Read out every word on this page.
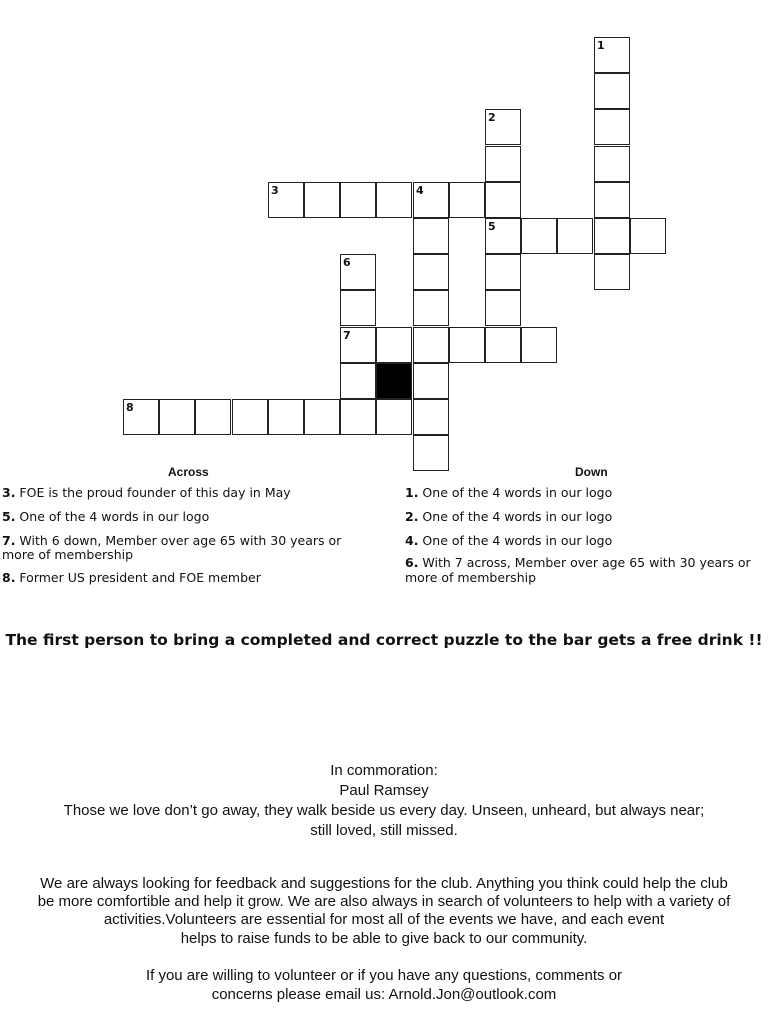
1
2
5
3	4
6
7
8
Across	Down
3. FOE is the proud founder of this day in May
5. One of the 4 words in our logo
7. With 6 down, Member over age 65 with 30 years or
more of membership
8. Former US president and FOE member
1. One of the 4 words in our logo
2. One of the 4 words in our logo
4. One of the 4 words in our logo
6. With 7 across, Member over age 65 with 30 years or
more of membership
The first person to bring a completed and correct puzzle to the bar gets a free drink !!
In commoration:
Paul Ramsey
Those we love don’t go away, they walk beside us every day. Unseen, unheard, but always near;
still loved, still missed.
We are always looking for feedback and suggestions for the club. Anything you think could help the club
be more comfortible and help it grow. We are also always in search of volunteers to help with a variety of
activities.Volunteers are essential for most all of the events we have, and each event
helps to raise funds to be able to give back to our community.
If you are willing to volunteer or if you have any questions, comments or
concerns please email us: Arnold.Jon@outlook.com
